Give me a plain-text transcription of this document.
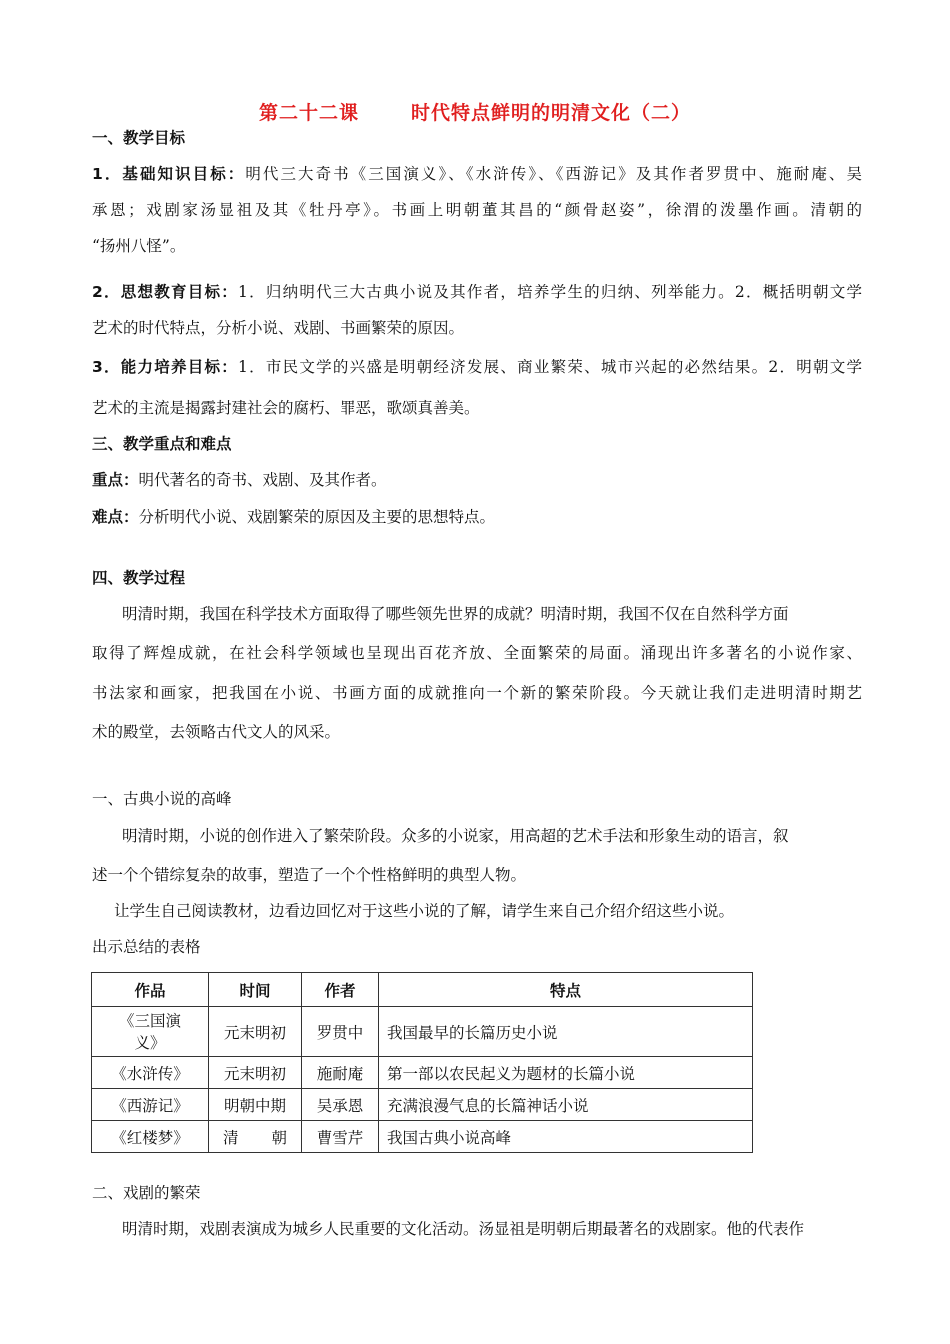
第二十二课	时代特点鲜明的明清文化（二）
一、教学目标
1．基础知识目标：明代三大奇书《三国演义》、《水浒传》、《西游记》及其作者罗贯中、施耐庵、吴
承恩；戏剧家汤显祖及其《牡丹亭》。书画上明朝董其昌的“颜骨赵姿”，徐渭的泼墨作画。清朝的
“扬州八怪”。
2．思想教育目标：1．归纳明代三大古典小说及其作者，培养学生的归纳、列举能力。2．概括明朝文学
艺术的时代特点，分析小说、戏剧、书画繁荣的原因。
3．能力培养目标：1．市民文学的兴盛是明朝经济发展、商业繁荣、城市兴起的必然结果。2．明朝文学
艺术的主流是揭露封建社会的腐朽、罪恶，歌颂真善美。
三、教学重点和难点
重点：明代著名的奇书、戏剧、及其作者。
难点：分析明代小说、戏剧繁荣的原因及主要的思想特点。
四、教学过程
明清时期，我国在科学技术方面取得了哪些领先世界的成就？明清时期，我国不仅在自然科学方面
取得了辉煌成就，在社会科学领域也呈现出百花齐放、全面繁荣的局面。涌现出许多著名的小说作家、
书法家和画家，把我国在小说、书画方面的成就推向一个新的繁荣阶段。今天就让我们走进明清时期艺
术的殿堂，去领略古代文人的风采。
一、古典小说的高峰
明清时期，小说的创作进入了繁荣阶段。众多的小说家，用高超的艺术手法和形象生动的语言，叙
述一个个错综复杂的故事，塑造了一个个性格鲜明的典型人物。
让学生自己阅读教材，边看边回忆对于这些小说的了解，请学生来自己介绍介绍这些小说。
出示总结的表格
作品	时间	作者	特点
《三国演
义》	元末明初	罗贯中	我国最早的长篇历史小说
《水浒传》	元末明初	施耐庵	第一部以农民起义为题材的长篇小说
《西游记》	明朝中期	吴承恩	充满浪漫气息的长篇神话小说
《红楼梦》	清 朝	曹雪芹	我国古典小说高峰
二、戏剧的繁荣
明清时期，戏剧表演成为城乡人民重要的文化活动。汤显祖是明朝后期最著名的戏剧家。他的代表作
